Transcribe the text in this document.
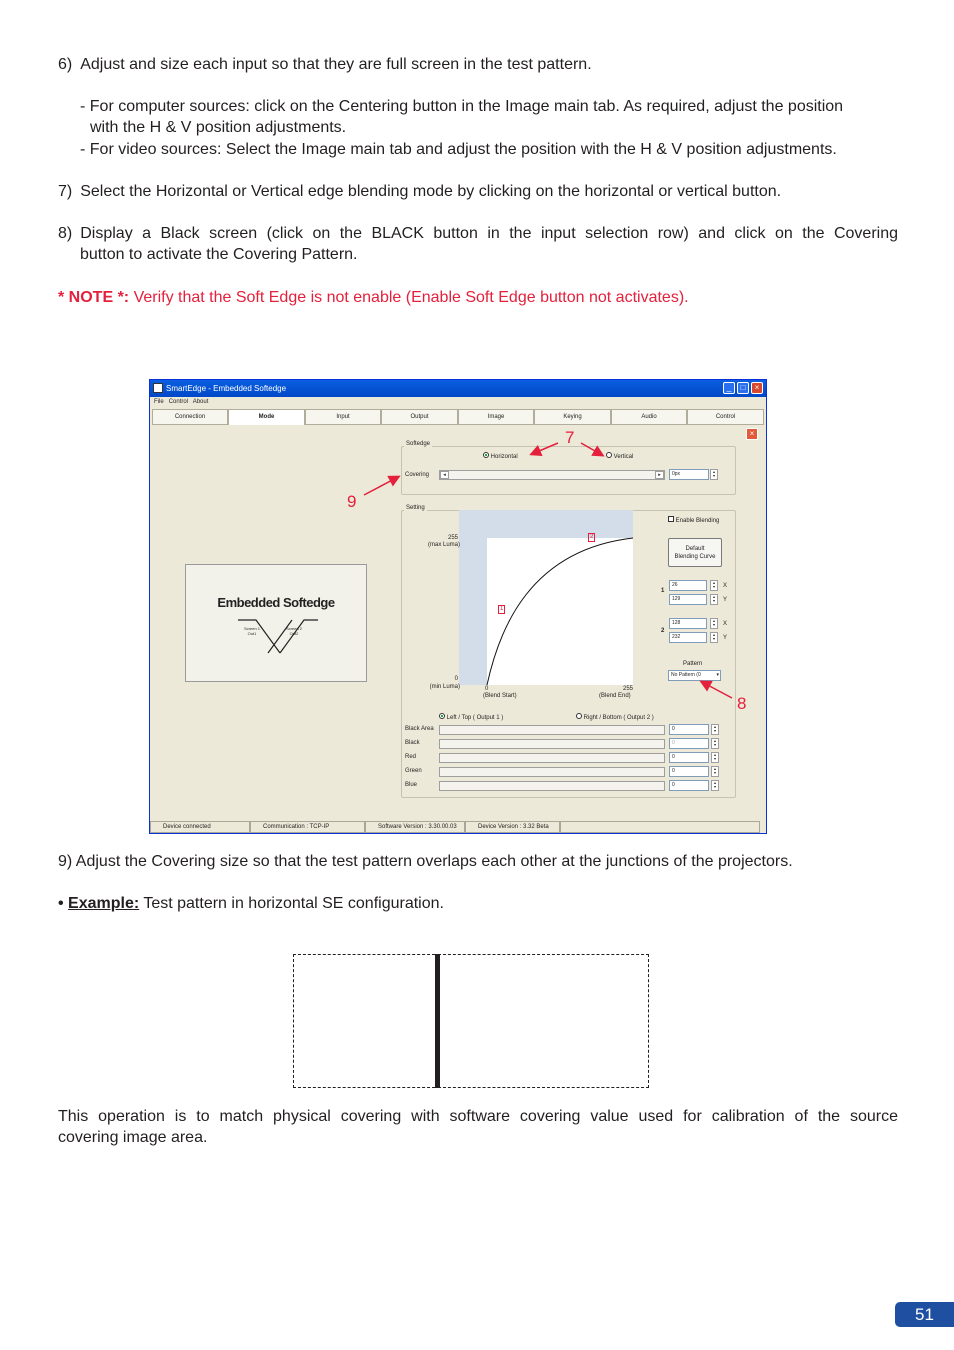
6) Adjust and size each input so that they are full screen in the test pattern.
- For computer sources: click on the Centering button in the Image main tab. As required, adjust the position
with the H & V position adjustments.
- For video sources: Select the Image main tab and adjust the position with the H & V position adjustments.
7) Select the Horizontal or Vertical edge blending mode by clicking on the horizontal or vertical button.
8) Display a Black screen (click on the BLACK button in the input selection row) and click on the Covering
button to activate the Covering Pattern.
* NOTE *: Verify that the Soft Edge is not enable (Enable Soft Edge button not activates).
SmartEdge - Embedded Softedge	_	□	×
File Control About
Connection	Mode	Input	Output	Image	Keying	Audio	Control
×
Softedge
Horizontal	Vertical
Covering	◂	▸	0px	▴
▾
Setting
2
1
255
(max Luma)
0
(min Luma)	0
(Blend Start)
255
(Blend End)
Enable Blending
Default
Blending Curve
1
26	▴
▾	X
129	▴
▾	Y
2
128	▴
▾	X
232	▴
▾	Y
Pattern
No Pattern (0	▾
Left / Top ( Output 1 )	Right / Bottom ( Output 2 )
Black Area	0	▴
▾
Black	0	▴
▾
Red	0	▴
▾
Green	0	▴
▾
Blue	0	▴
▾
Embedded Softedge
Screen 1
Out1
Screen 2
Out2
Device connected	Communication : TCP-IP	Software Version : 3.30.00.03	Device Version : 3.32 Beta
7
9
8
9) Adjust the Covering size so that the test pattern overlaps each other at the junctions of the projectors.
• Example: Test pattern in horizontal SE configuration.
This operation is to match physical covering with software covering value used for calibration of the source
covering image area.
51
